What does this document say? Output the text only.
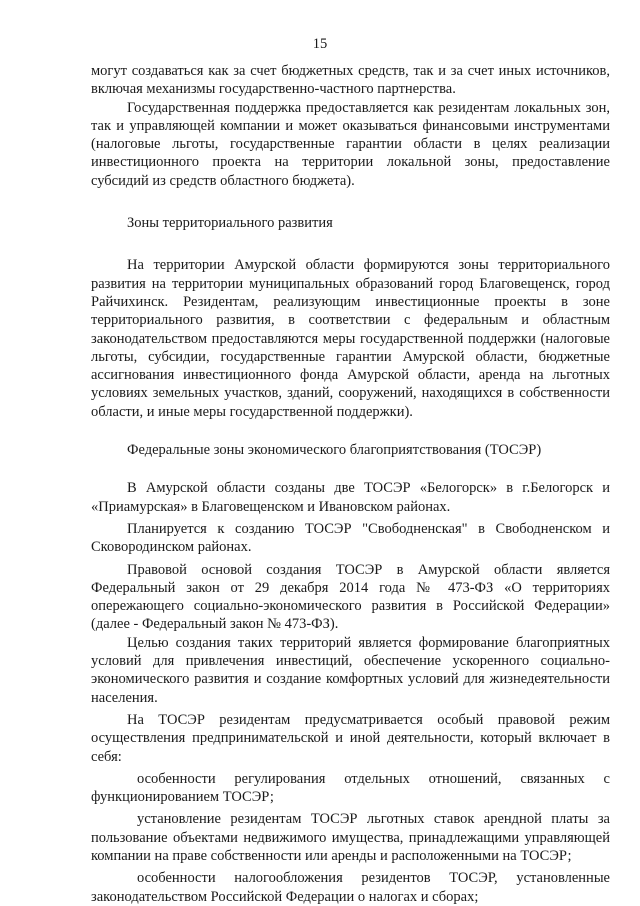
15

могут создаваться как за счет бюджетных средств, так и за счет иных источников, включая механизмы государственно-частного партнерства.

Государственная поддержка предоставляется как резидентам локальных зон, так и управляющей компании и может оказываться финансовыми инструментами (налоговые льготы, государственные гарантии области в целях реализации инвестиционного проекта на территории локальной зоны, предоставление субсидий из средств областного бюджета).

Зоны территориального развития

На территории Амурской области формируются зоны территориального развития на территории муниципальных образований город Благовещенск, город Райчихинск. Резидентам, реализующим инвестиционные проекты в зоне территориального развития, в соответствии с федеральным и областным законодательством предоставляются меры государственной поддержки (налоговые льготы, субсидии, государственные гарантии Амурской области, бюджетные ассигнования инвестиционного фонда Амурской области, аренда на льготных условиях земельных участков, зданий, сооружений, находящихся в собственности области, и иные меры государственной поддержки).

Федеральные зоны экономического благоприятствования (ТОСЭР)

В Амурской области созданы две ТОСЭР «Белогорск» в г.Белогорск и «Приамурская» в Благовещенском и Ивановском районах.

Планируется к созданию ТОСЭР "Свободненская" в Свободненском и Сковородинском районах.

Правовой основой создания ТОСЭР в Амурской области является Федеральный закон от 29 декабря 2014 года № 473-ФЗ «О территориях опережающего социально-экономического развития в Российской Федерации» (далее - Федеральный закон № 473-ФЗ).

Целью создания таких территорий является формирование благоприятных условий для привлечения инвестиций, обеспечение ускоренного социально-экономического развития и создание комфортных условий для жизнедеятельности населения.

На ТОСЭР резидентам предусматривается особый правовой режим осуществления предпринимательской и иной деятельности, который включает в себя:

особенности регулирования отдельных отношений, связанных с функционированием ТОСЭР;

установление резидентам ТОСЭР льготных ставок арендной платы за пользование объектами недвижимого имущества, принадлежащими управляющей компании на праве собственности или аренды и расположенными на ТОСЭР;

особенности налогообложения резидентов ТОСЭР, установленные законодательством Российской Федерации о налогах и сборах;
